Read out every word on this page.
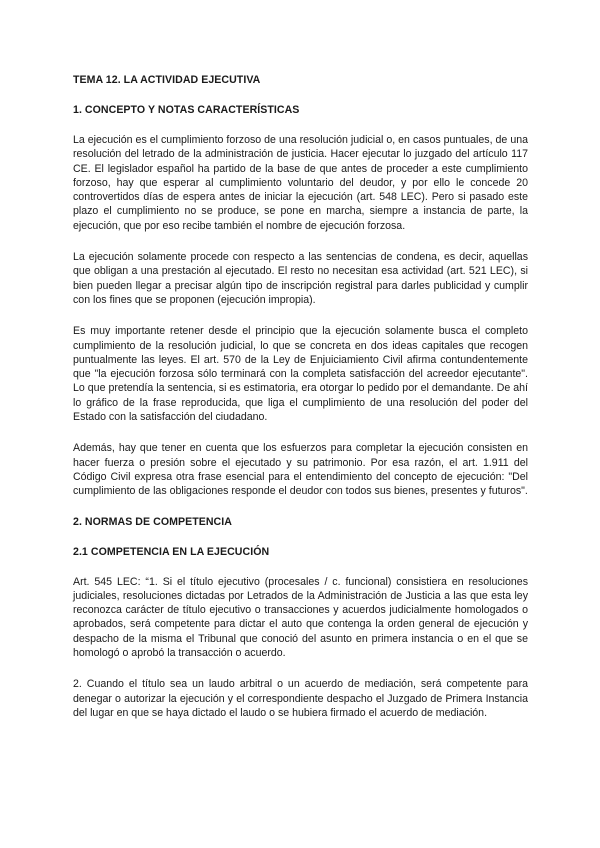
TEMA 12. LA ACTIVIDAD EJECUTIVA
1. CONCEPTO Y NOTAS CARACTERÍSTICAS

La ejecución es el cumplimiento forzoso de una resolución judicial o, en casos puntuales, de una resolución del letrado de la administración de justicia. Hacer ejecutar lo juzgado del artículo 117 CE. El legislador español ha partido de la base de que antes de proceder a este cumplimiento forzoso, hay que esperar al cumplimiento voluntario del deudor, y por ello le concede 20 controvertidos días de espera antes de iniciar la ejecución (art. 548 LEC). Pero si pasado este plazo el cumplimiento no se produce, se pone en marcha, siempre a instancia de parte, la ejecución, que por eso recibe también el nombre de ejecución forzosa.

La ejecución solamente procede con respecto a las sentencias de condena, es decir, aquellas que obligan a una prestación al ejecutado. El resto no necesitan esa actividad (art. 521 LEC), si bien pueden llegar a precisar algún tipo de inscripción registral para darles publicidad y cumplir con los fines que se proponen (ejecución impropia).

Es muy importante retener desde el principio que la ejecución solamente busca el completo cumplimiento de la resolución judicial, lo que se concreta en dos ideas capitales que recogen puntualmente las leyes. El art. 570 de la Ley de Enjuiciamiento Civil afirma contundentemente que "la ejecución forzosa sólo terminará con la completa satisfacción del acreedor ejecutante". Lo que pretendía la sentencia, si es estimatoria, era otorgar lo pedido por el demandante. De ahí lo gráfico de la frase reproducida, que liga el cumplimiento de una resolución del poder del Estado con la satisfacción del ciudadano.

Además, hay que tener en cuenta que los esfuerzos para completar la ejecución consisten en hacer fuerza o presión sobre el ejecutado y su patrimonio. Por esa razón, el art. 1.911 del Código Civil expresa otra frase esencial para el entendimiento del concepto de ejecución: "Del cumplimiento de las obligaciones responde el deudor con todos sus bienes, presentes y futuros".

2. NORMAS DE COMPETENCIA
2.1 COMPETENCIA EN LA EJECUCIÓN

Art. 545 LEC: “1. Si el título ejecutivo (procesales / c. funcional) consistiera en resoluciones judiciales, resoluciones dictadas por Letrados de la Administración de Justicia a las que esta ley reconozca carácter de título ejecutivo o transacciones y acuerdos judicialmente homologados o aprobados, será competente para dictar el auto que contenga la orden general de ejecución y despacho de la misma el Tribunal que conoció del asunto en primera instancia o en el que se homologó o aprobó la transacción o acuerdo.

2. Cuando el título sea un laudo arbitral o un acuerdo de mediación, será competente para denegar o autorizar la ejecución y el correspondiente despacho el Juzgado de Primera Instancia del lugar en que se haya dictado el laudo o se hubiera firmado el acuerdo de mediación.
